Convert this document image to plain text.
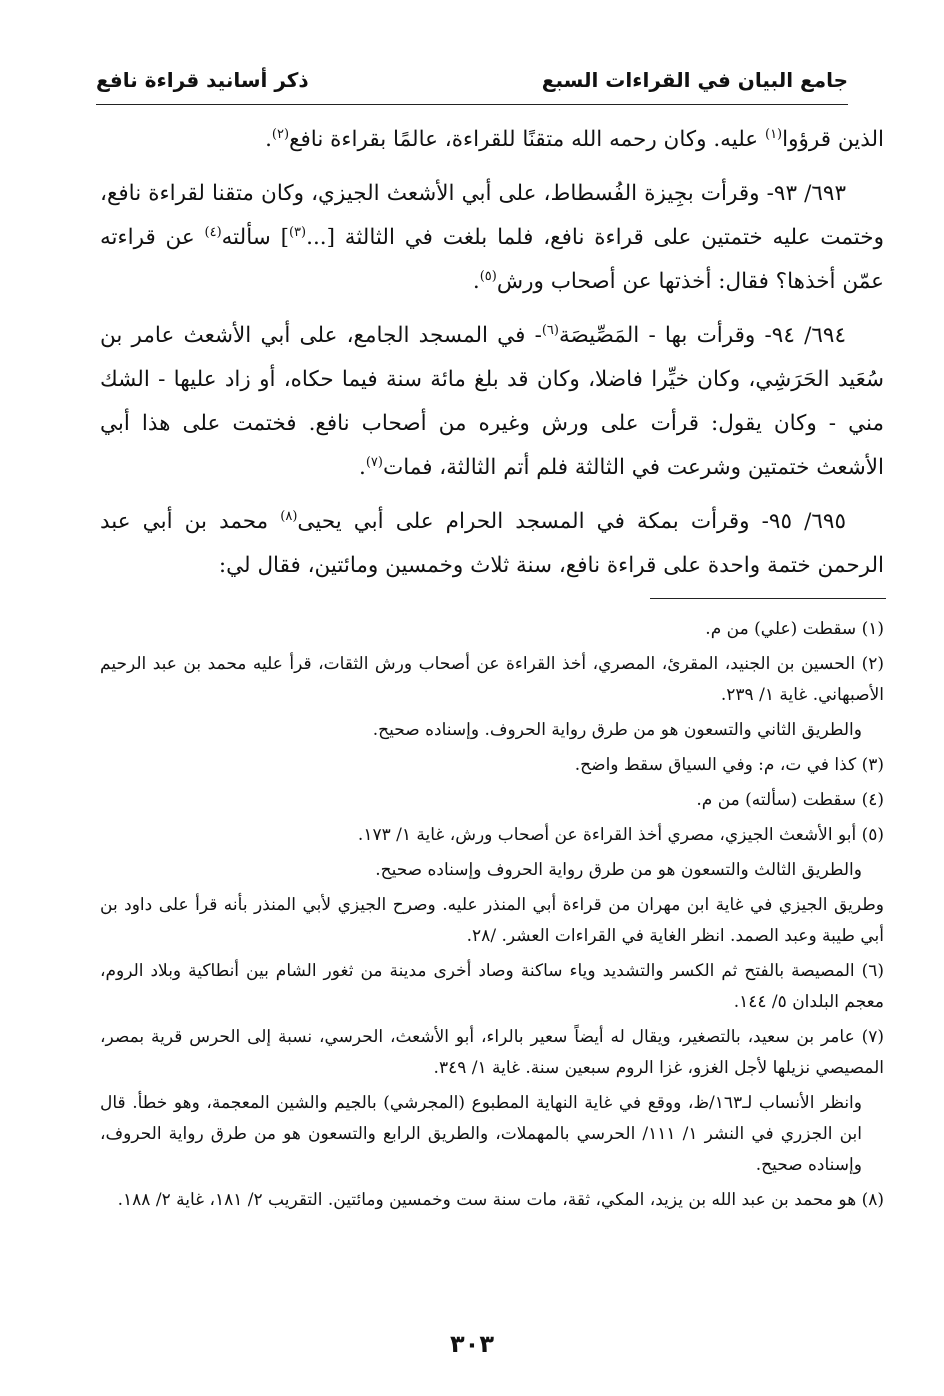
ذكر أسانيد قراءة نافع	جامع البيان في القراءات السبع

الذين قرؤوا$^{(١)}$ عليه. وكان رحمه الله متقنًا للقراءة، عالمًا بقراءة نافع$^{(٢)}$.

٦٩٣/ ٩٣- وقرأت بجِيزة الفُسطاط، على أبي الأشعث الجيزي، وكان متقنا لقراءة نافع، وختمت عليه ختمتين على قراءة نافع، فلما بلغت في الثالثة [...$^{(٣)}$] سألته$^{(٤)}$ عن قراءته عمّن أخذها؟ فقال: أخذتها عن أصحاب ورش$^{(٥)}$.

٦٩٤/ ٩٤- وقرأت بها - المَصِّيصَة$^{(٦)}$- في المسجد الجامع، على أبي الأشعث عامر بن سُعَيد الحَرَشِي، وكان خيِّرا فاضلا، وكان قد بلغ مائة سنة فيما حكاه، أو زاد عليها - الشك مني - وكان يقول: قرأت على ورش وغيره من أصحاب نافع. فختمت على هذا أبي الأشعث ختمتين وشرعت في الثالثة فلم أتم الثالثة، فمات$^{(٧)}$.

٦٩٥/ ٩٥- وقرأت بمكة في المسجد الحرام على أبي يحيى$^{(٨)}$ محمد بن أبي عبد الرحمن ختمة واحدة على قراءة نافع، سنة ثلاث وخمسين ومائتين، فقال لي:

(١) سقطت (علي) من م.
(٢) الحسين بن الجنيد، المقرئ، المصري، أخذ القراءة عن أصحاب ورش الثقات، قرأ عليه محمد بن عبد الرحيم الأصبهاني. غاية ١/ ٢٣٩.
والطريق الثاني والتسعون هو من طرق رواية الحروف. وإسناده صحيح.
(٣) كذا في ت، م: وفي السياق سقط واضح.
(٤) سقطت (سألته) من م.
(٥) أبو الأشعث الجيزي، مصري أخذ القراءة عن أصحاب ورش، غاية ١/ ١٧٣.
والطريق الثالث والتسعون هو من طرق رواية الحروف وإسناده صحيح.
وطريق الجيزي في غاية ابن مهران من قراءة أبي المنذر عليه. وصرح الجيزي لأبي المنذر بأنه قرأ على داود بن أبي طيبة وعبد الصمد. انظر الغاية في القراءات العشر. /٢٨.
(٦) المصيصة بالفتح ثم الكسر والتشديد وياء ساكنة وصاد أخرى مدينة من ثغور الشام بين أنطاكية وبلاد الروم، معجم البلدان ٥/ ١٤٤.
(٧) عامر بن سعيد، بالتصغير، ويقال له أيضاً سعير بالراء، أبو الأشعث، الحرسي، نسبة إلى الحرس قرية بمصر، المصيصي نزيلها لأجل الغزو، غزا الروم سبعين سنة. غاية ١/ ٣٤٩.
وانظر الأنساب لـ١٦٣/ظ، ووقع في غاية النهاية المطبوع (المجرشي) بالجيم والشين المعجمة، وهو خطأ. قال ابن الجزري في النشر ١/ ١١١/ الحرسي بالمهملات، والطريق الرابع والتسعون هو من طرق رواية الحروف، وإسناده صحيح.
(٨) هو محمد بن عبد الله بن يزيد، المكي، ثقة، مات سنة ست وخمسين ومائتين. التقريب ٢/ ١٨١، غاية ٢/ ١٨٨.
٣٠٣
